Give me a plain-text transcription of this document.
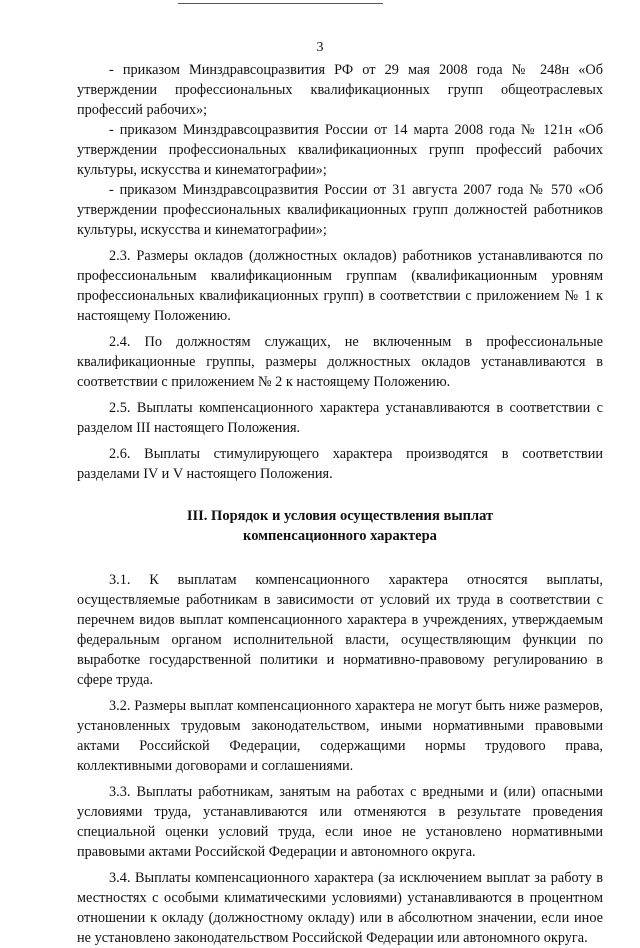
3

- приказом Минздравсоцразвития РФ от 29 мая 2008 года № 248н «Об утверждении профессиональных квалификационных групп общеотраслевых профессий рабочих»;

- приказом Минздравсоцразвития России от 14 марта 2008 года № 121н «Об утверждении профессиональных квалификационных групп профессий рабочих культуры, искусства и кинематографии»;

- приказом Минздравсоцразвития России от 31 августа 2007 года № 570 «Об утверждении профессиональных квалификационных групп должностей работников культуры, искусства и кинематографии»;

2.3. Размеры окладов (должностных окладов) работников устанавливаются по профессиональным квалификационным группам (квалификационным уровням профессиональных квалификационных групп) в соответствии с приложением № 1 к настоящему Положению.

2.4. По должностям служащих, не включенным в профессиональные квалификационные группы, размеры должностных окладов устанавливаются в соответствии с приложением № 2 к настоящему Положению.

2.5. Выплаты компенсационного характера устанавливаются в соответствии с разделом III настоящего Положения.

2.6. Выплаты стимулирующего характера производятся в соответствии разделами IV и V настоящего Положения.

III. Порядок и условия осуществления выплат
компенсационного характера

3.1. К выплатам компенсационного характера относятся выплаты, осуществляемые работникам в зависимости от условий их труда в соответствии с перечнем видов выплат компенсационного характера в учреждениях, утверждаемым федеральным органом исполнительной власти, осуществляющим функции по выработке государственной политики и нормативно-правовому регулированию в сфере труда.

3.2. Размеры выплат компенсационного характера не могут быть ниже размеров, установленных трудовым законодательством, иными нормативными правовыми актами Российской Федерации, содержащими нормы трудового права, коллективными договорами и соглашениями.

3.3. Выплаты работникам, занятым на работах с вредными и (или) опасными условиями труда, устанавливаются или отменяются в результате проведения специальной оценки условий труда, если иное не установлено нормативными правовыми актами Российской Федерации и автономного округа.

3.4. Выплаты компенсационного характера (за исключением выплат за работу в местностях с особыми климатическими условиями) устанавливаются в процентном отношении к окладу (должностному окладу) или в абсолютном значении, если иное не установлено законодательством Российской Федерации или автономного округа.
